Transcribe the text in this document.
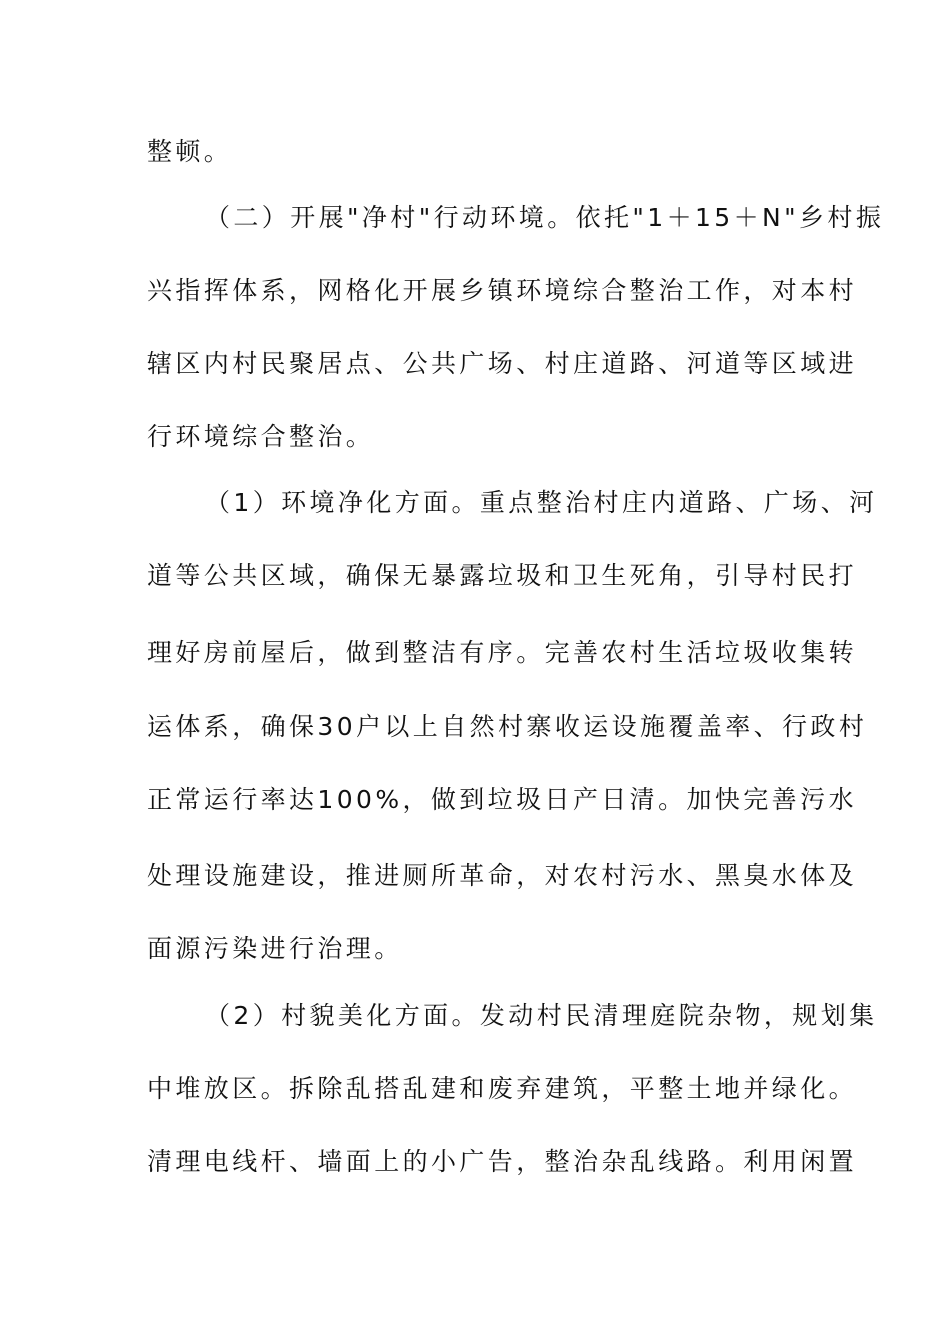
整顿。
（二）开展"净村"行动环境。依托"1＋15＋N"乡村振
兴指挥体系，网格化开展乡镇环境综合整治工作，对本村
辖区内村民聚居点、公共广场、村庄道路、河道等区域进
行环境综合整治。
（1）环境净化方面。重点整治村庄内道路、广场、河
道等公共区域，确保无暴露垃圾和卫生死角，引导村民打
理好房前屋后，做到整洁有序。完善农村生活垃圾收集转
运体系，确保30户以上自然村寨收运设施覆盖率、行政村
正常运行率达100%，做到垃圾日产日清。加快完善污水
处理设施建设，推进厕所革命，对农村污水、黑臭水体及
面源污染进行治理。
（2）村貌美化方面。发动村民清理庭院杂物，规划集
中堆放区。拆除乱搭乱建和废弃建筑，平整土地并绿化。
清理电线杆、墙面上的小广告，整治杂乱线路。利用闲置
